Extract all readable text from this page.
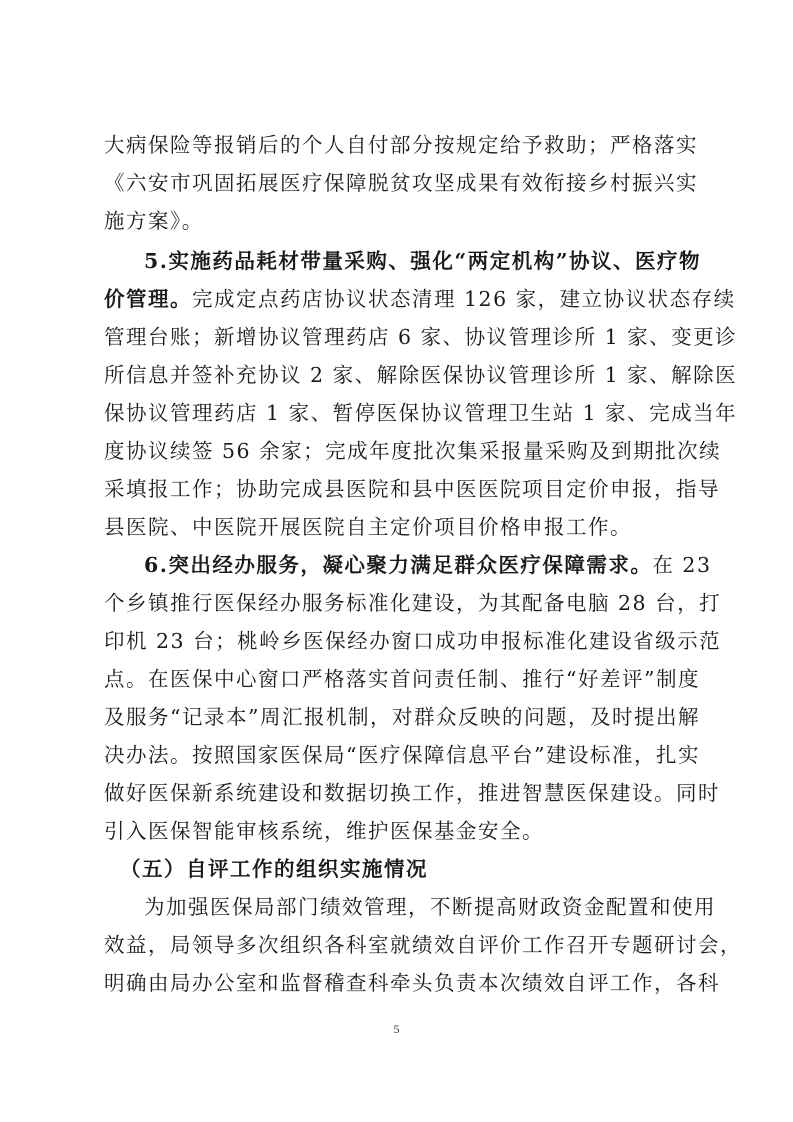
大病保险等报销后的个人自付部分按规定给予救助；严格落实
《六安市巩固拓展医疗保障脱贫攻坚成果有效衔接乡村振兴实
施方案》。
5.实施药品耗材带量采购、强化“两定机构”协议、医疗物
价管理。完成定点药店协议状态清理 126 家，建立协议状态存续
管理台账；新增协议管理药店 6 家、协议管理诊所 1 家、变更诊
所信息并签补充协议 2 家、解除医保协议管理诊所 1 家、解除医
保协议管理药店 1 家、暂停医保协议管理卫生站 1 家、完成当年
度协议续签 56 余家；完成年度批次集采报量采购及到期批次续
采填报工作；协助完成县医院和县中医医院项目定价申报，指导
县医院、中医院开展医院自主定价项目价格申报工作。
6.突出经办服务，凝心聚力满足群众医疗保障需求。在 23
个乡镇推行医保经办服务标准化建设，为其配备电脑 28 台，打
印机 23 台；桃岭乡医保经办窗口成功申报标准化建设省级示范
点。在医保中心窗口严格落实首问责任制、推行“好差评”制度
及服务“记录本”周汇报机制，对群众反映的问题，及时提出解
决办法。按照国家医保局“医疗保障信息平台”建设标准，扎实
做好医保新系统建设和数据切换工作，推进智慧医保建设。同时
引入医保智能审核系统，维护医保基金安全。
（五）自评工作的组织实施情况
为加强医保局部门绩效管理，不断提高财政资金配置和使用
效益，局领导多次组织各科室就绩效自评价工作召开专题研讨会，
明确由局办公室和监督稽查科牵头负责本次绩效自评工作，各科
5
